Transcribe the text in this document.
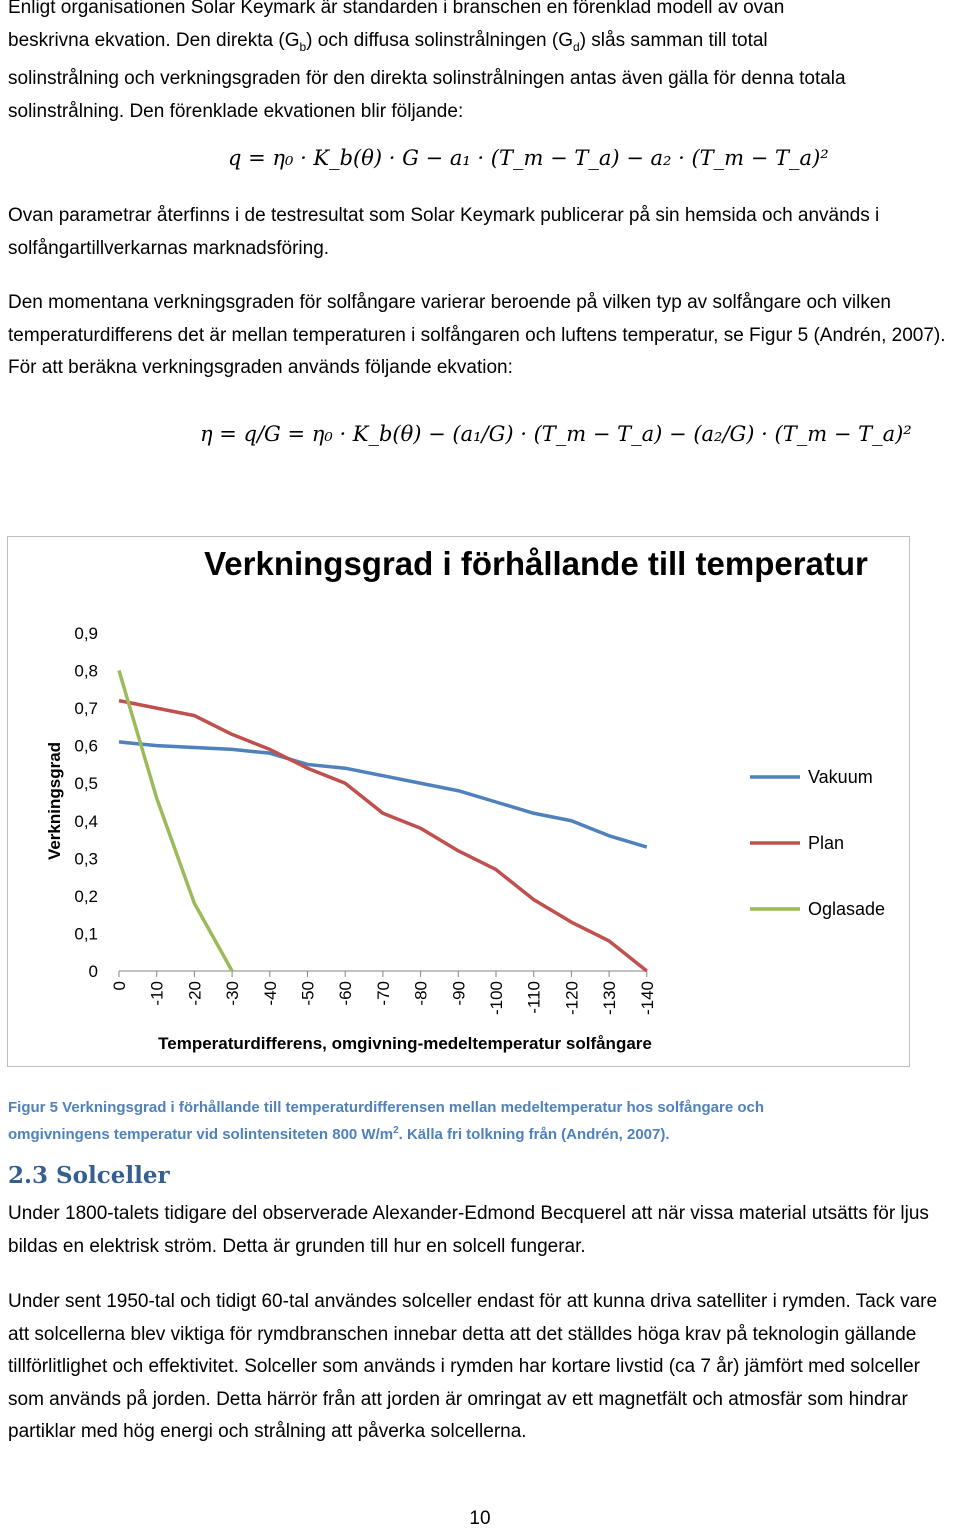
Enligt organisationen Solar Keymark är standarden i branschen en förenklad modell av ovan
beskrivna ekvation. Den direkta $(G_b)$ och diffusa solinstrålningen $(G_d)$ slås samman till total
solinstrålning och verkningsgraden för den direkta solinstrålningen antas även gälla för denna totala
solinstrålning. Den förenklade ekvationen blir följande:

q = η₀ · K_b(θ) · G − a₁ · (T_m − T_a) − a₂ · (T_m − T_a)²

Ovan parametrar återfinns i de testresultat som Solar Keymark publicerar på sin hemsida och används i solfångartillverkarnas marknadsföring.

Den momentana verkningsgraden för solfångare varierar beroende på vilken typ av solfångare och vilken temperaturdifferens det är mellan temperaturen i solfångaren och luftens temperatur, se Figur 5 (Andrén, 2007). För att beräkna verkningsgraden används följande ekvation:

η = q/G = η₀ · K_b(θ) − (a₁/G) · (T_m − T_a) − (a₂/G) · (T_m − T_a)²
Verkningsgrad i förhållande till temperatur
Verkningsgrad
Temperaturdifferens, omgivning-medeltemperatur solfångare
0 -10 -20 -30 -40 -50 -60 -70 -80 -90 -100 -110 -120 -130 -140
0
0,1
0,2
0,3
0,4
0,5
0,6
0,7
0,8
0,9
Vakuum
Plan
Oglasade

Figur 5 Verkningsgrad i förhållande till temperaturdifferensen mellan medeltemperatur hos solfångare och
omgivningens temperatur vid solintensiteten 800 $W/m^2$. Källa fri tolkning från (Andrén, 2007).

2.3 Solceller

Under 1800-talets tidigare del observerade Alexander-Edmond Becquerel att när vissa material utsätts för ljus bildas en elektrisk ström. Detta är grunden till hur en solcell fungerar.

Under sent 1950-tal och tidigt 60-tal användes solceller endast för att kunna driva satelliter i rymden. Tack vare att solcellerna blev viktiga för rymdbranschen innebar detta att det ställdes höga krav på teknologin gällande tillförlitlighet och effektivitet. Solceller som används i rymden har kortare livstid (ca 7 år) jämfört med solceller som används på jorden. Detta härrör från att jorden är omringat av ett magnetfält och atmosfär som hindrar partiklar med hög energi och strålning att påverka solcellerna.

10
